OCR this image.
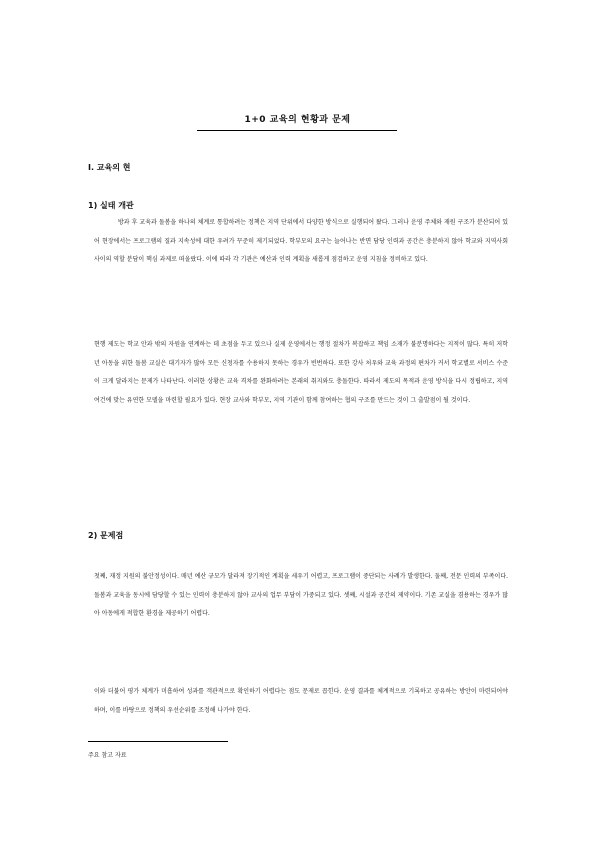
1+0 교육의 현황과 문제
Ⅰ. 교육의 현
1) 실태 개관
방과 후 교육과 돌봄을 하나의 체계로 통합하려는 정책은 지역 단위에서 다양한 방식으로 실행되어 왔다. 그러나 운영 주체와 재원 구조가 분산되어 있어 현장에서는 프로그램의 질과 지속성에 대한 우려가 꾸준히 제기되었다. 학부모의 요구는 늘어나는 반면 담당 인력과 공간은 충분하지 않아 학교와 지역사회 사이의 역할 분담이 핵심 과제로 떠올랐다. 이에 따라 각 기관은 예산과 인력 계획을 새롭게 점검하고 운영 지침을 정비하고 있다.
현행 제도는 학교 안과 밖의 자원을 연계하는 데 초점을 두고 있으나 실제 운영에서는 행정 절차가 복잡하고 책임 소재가 불분명하다는 지적이 많다. 특히 저학년 아동을 위한 돌봄 교실은 대기자가 많아 모든 신청자를 수용하지 못하는 경우가 빈번하다. 또한 강사 처우와 교육 과정의 편차가 커서 학교별로 서비스 수준이 크게 달라지는 문제가 나타난다. 이러한 상황은 교육 격차를 완화하려는 본래의 취지와도 충돌한다. 따라서 제도의 목적과 운영 방식을 다시 정립하고, 지역 여건에 맞는 유연한 모델을 마련할 필요가 있다. 현장 교사와 학부모, 지역 기관이 함께 참여하는 협의 구조를 만드는 것이 그 출발점이 될 것이다.
2) 문제점
첫째, 재정 지원의 불안정성이다. 매년 예산 규모가 달라져 장기적인 계획을 세우기 어렵고, 프로그램이 중단되는 사례가 발생한다. 둘째, 전문 인력의 부족이다. 돌봄과 교육을 동시에 담당할 수 있는 인력이 충분하지 않아 교사의 업무 부담이 가중되고 있다. 셋째, 시설과 공간의 제약이다. 기존 교실을 겸용하는 경우가 많아 아동에게 적합한 환경을 제공하기 어렵다.
이와 더불어 평가 체계가 미흡하여 성과를 객관적으로 확인하기 어렵다는 점도 문제로 꼽힌다. 운영 결과를 체계적으로 기록하고 공유하는 방안이 마련되어야 하며, 이를 바탕으로 정책의 우선순위를 조정해 나가야 한다.
주요 참고 자료
